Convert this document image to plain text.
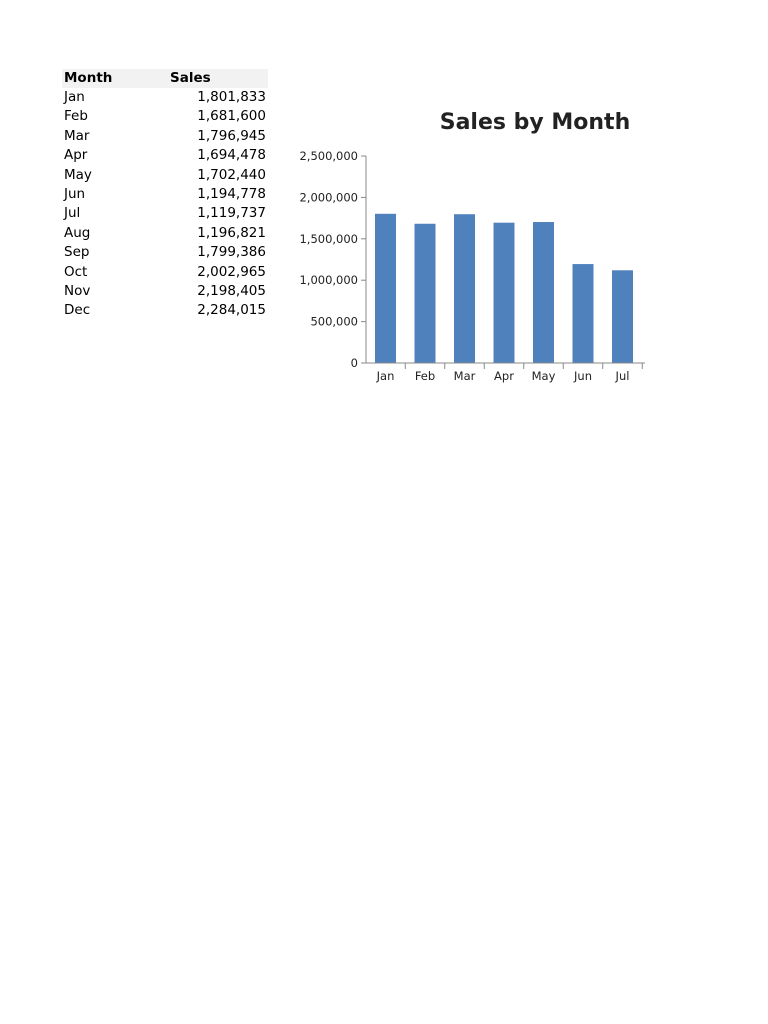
Month	Sales
Jan	1,801,833
Feb	1,681,600
Mar	1,796,945
Apr	1,694,478
May	1,702,440
Jun	1,194,778
Jul	1,119,737
Aug	1,196,821
Sep	1,799,386
Oct	2,002,965
Nov	2,198,405
Dec	2,284,015
Sales by Month
0
500,000
1,000,000
1,500,000
2,000,000
2,500,000
Jan Feb Mar Apr May Jun Jul
